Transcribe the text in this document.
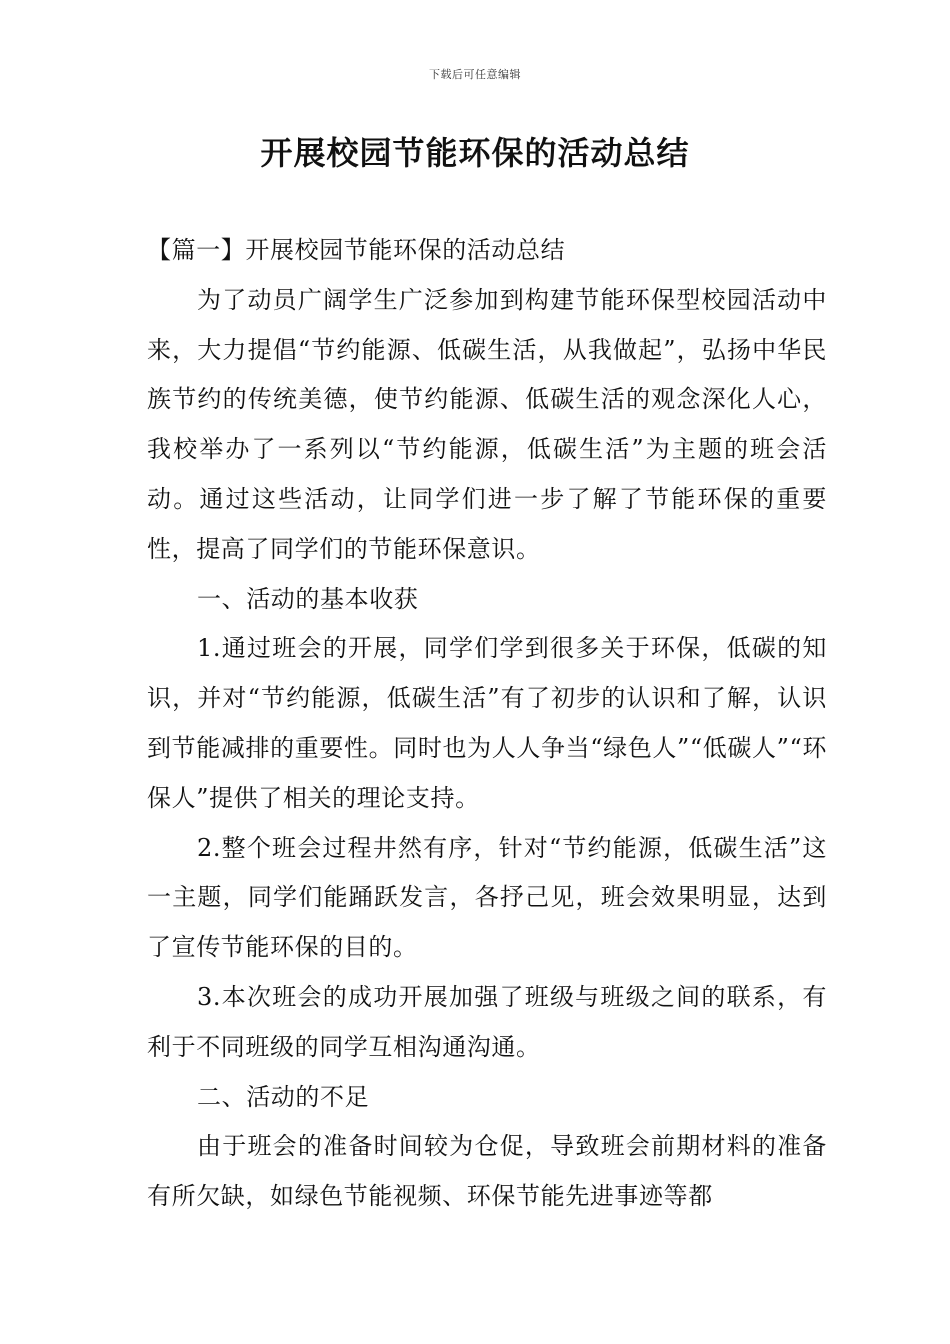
下载后可任意编辑
开展校园节能环保的活动总结

【篇一】开展校园节能环保的活动总结

为了动员广阔学生广泛参加到构建节能环保型校园活动中来，大力提倡“节约能源、低碳生活，从我做起”，弘扬中华民族节约的传统美德，使节约能源、低碳生活的观念深化人心，我校举办了一系列以“节约能源，低碳生活”为主题的班会活动。通过这些活动，让同学们进一步了解了节能环保的重要性，提高了同学们的节能环保意识。

一、活动的基本收获

1.通过班会的开展，同学们学到很多关于环保，低碳的知识，并对“节约能源，低碳生活”有了初步的认识和了解，认识到节能减排的重要性。同时也为人人争当“绿色人”“低碳人”“环保人”提供了相关的理论支持。

2.整个班会过程井然有序，针对“节约能源，低碳生活”这一主题，同学们能踊跃发言，各抒己见，班会效果明显，达到了宣传节能环保的目的。

3.本次班会的成功开展加强了班级与班级之间的联系，有利于不同班级的同学互相沟通沟通。

二、活动的不足

由于班会的准备时间较为仓促，导致班会前期材料的准备有所欠缺，如绿色节能视频、环保节能先进事迹等都
